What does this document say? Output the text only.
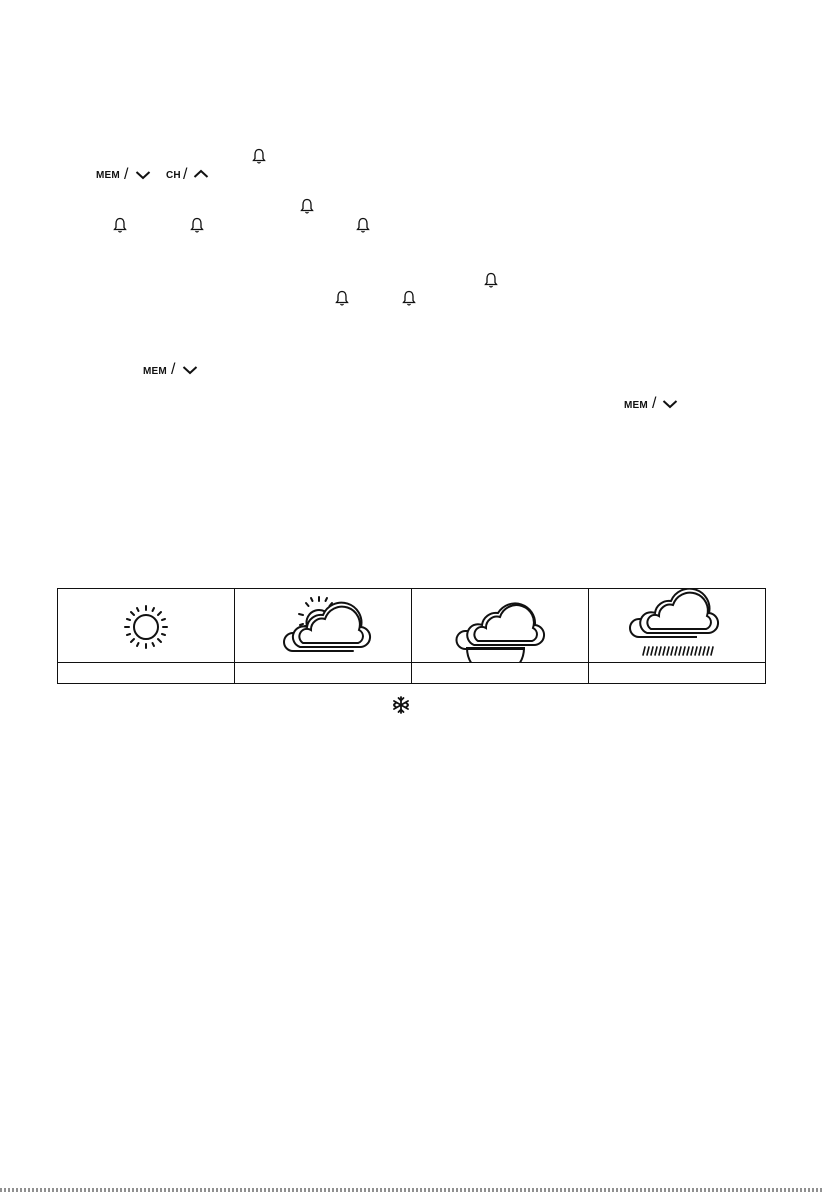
MEM /	CH /
MEM /
MEM /
